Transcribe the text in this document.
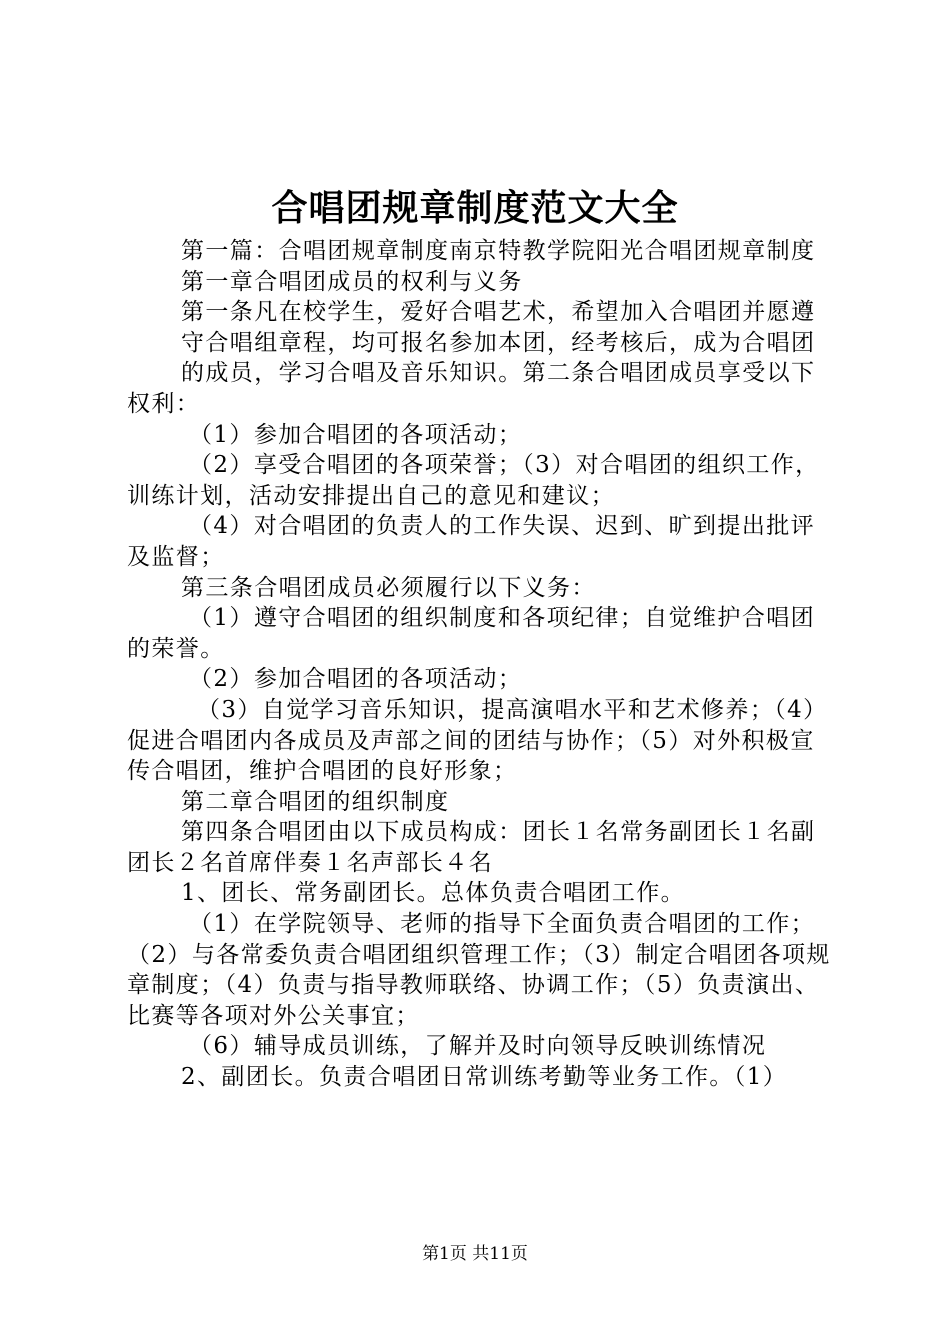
合唱团规章制度范文大全

第一篇：合唱团规章制度南京特教学院阳光合唱团规章制度

第一章合唱团成员的权利与义务

第一条凡在校学生，爱好合唱艺术，希望加入合唱团并愿遵

守合唱组章程，均可报名参加本团，经考核后，成为合唱团

的成员，学习合唱及音乐知识。第二条合唱团成员享受以下权利：

（1）参加合唱团的各项活动；

（2）享受合唱团的各项荣誉；（3）对合唱团的组织工作，训练计划，活动安排提出自己的意见和建议；

（4）对合唱团的负责人的工作失误、迟到、旷到提出批评及监督；

第三条合唱团成员必须履行以下义务：

（1）遵守合唱团的组织制度和各项纪律；自觉维护合唱团的荣誉。

（2）参加合唱团的各项活动；

（3）自觉学习音乐知识，提高演唱水平和艺术修养；（4）促进合唱团内各成员及声部之间的团结与协作；（5）对外积极宣传合唱团，维护合唱团的良好形象；

第二章合唱团的组织制度

第四条合唱团由以下成员构成：团长１名常务副团长１名副团长２名首席伴奏１名声部长４名

1、团长、常务副团长。总体负责合唱团工作。

（1）在学院领导、老师的指导下全面负责合唱团的工作；（2）与各常委负责合唱团组织管理工作；（3）制定合唱团各项规章制度；（4）负责与指导教师联络、协调工作；（5）负责演出、比赛等各项对外公关事宜；

（6）辅导成员训练，了解并及时向领导反映训练情况

2、副团长。负责合唱团日常训练考勤等业务工作。（1）

第1页 共11页
